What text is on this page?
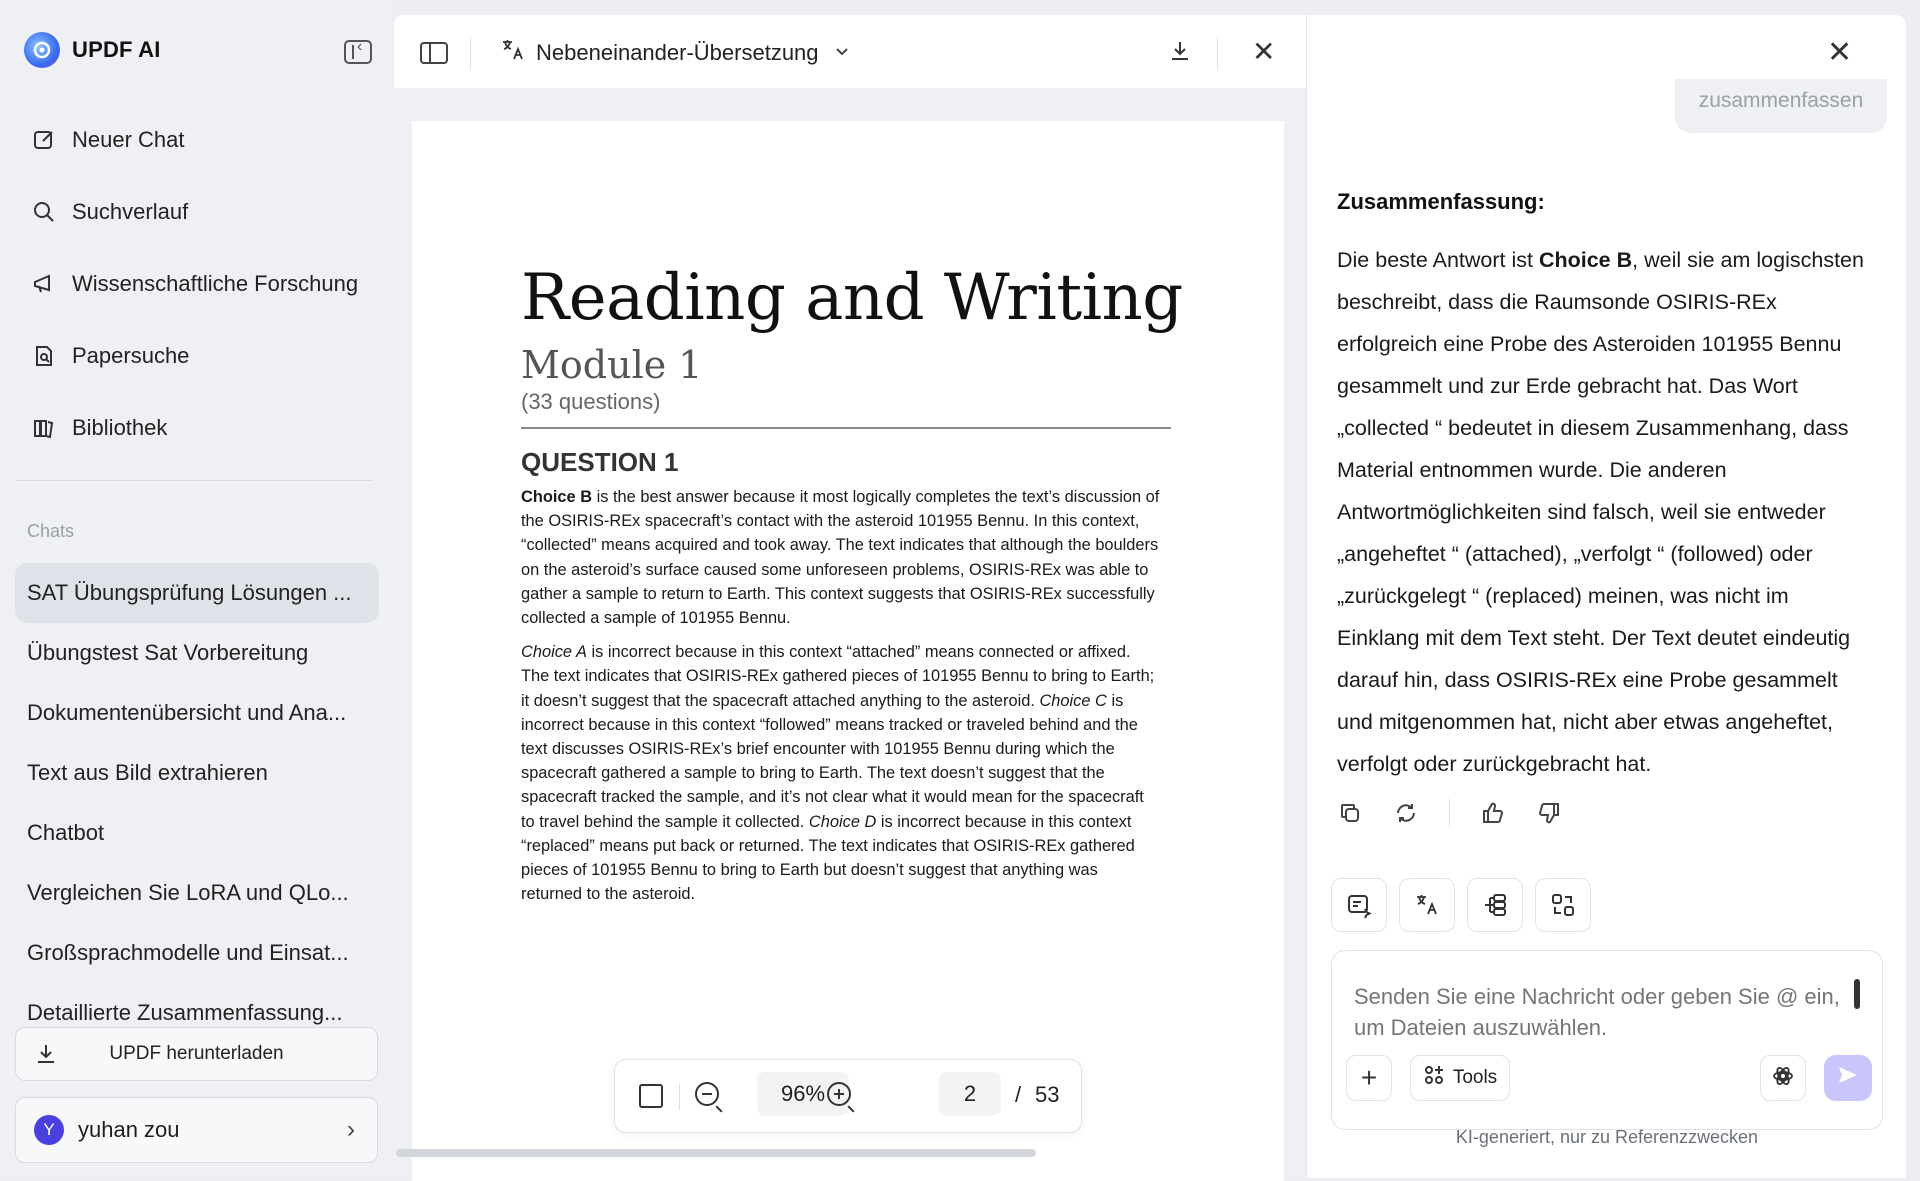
UPDF AI
‹
Neuer Chat
Suchverlauf
Wissenschaftliche Forschung
Papersuche
Bibliothek
Chats
SAT Übungsprüfung Lösungen ...
Übungstest Sat Vorbereitung
Dokumentenübersicht und Ana...
Text aus Bild extrahieren
Chatbot
Vergleichen Sie LoRA und QLo...
Großsprachmodelle und Einsat...
Detaillierte Zusammenfassung...
UPDF herunterladen
Y	yuhan zou	›
Nebeneinander-Übersetzung	✕
Reading and Writing
Module 1
(33 questions)
QUESTION 1

Choice B is the best answer because it most logically completes the text’s discussion of the OSIRIS-REx spacecraft’s contact with the asteroid 101955 Bennu. In this context, “collected” means acquired and took away. The text indicates that although the boulders on the asteroid’s surface caused some unforeseen problems, OSIRIS-REx was able to gather a sample to return to Earth. This context suggests that OSIRIS-REx successfully collected a sample of 101955 Bennu.

Choice A is incorrect because in this context “attached” means connected or affixed. The text indicates that OSIRIS-REx gathered pieces of 101955 Bennu to bring to Earth; it doesn’t suggest that the spacecraft attached anything to the asteroid. Choice C is incorrect because in this context “followed” means tracked or traveled behind and the text discusses OSIRIS-REx’s brief encounter with 101955 Bennu during which the spacecraft gathered a sample to bring to Earth. The text doesn’t suggest that the spacecraft tracked the sample, and it’s not clear what it would mean for the spacecraft to travel behind the sample it collected. Choice D is incorrect because in this context “replaced” means put back or returned. The text indicates that OSIRIS-REx gathered pieces of 101955 Bennu to bring to Earth but doesn’t suggest that anything was returned to the asteroid.

96%	2	/ 53
✕
zusammenfassen
Zusammenfassung:
Die beste Antwort ist Choice B, weil sie am logischsten beschreibt, dass die Raumsonde OSIRIS-REx erfolgreich eine Probe des Asteroiden 101955 Bennu gesammelt und zur Erde gebracht hat. Das Wort „collected “ bedeutet in diesem Zusammenhang, dass Material entnommen wurde. Die anderen Antwortmöglichkeiten sind falsch, weil sie entweder „angeheftet “ (attached), „verfolgt “ (followed) oder „zurückgelegt “ (replaced) meinen, was nicht im Einklang mit dem Text steht. Der Text deutet eindeutig darauf hin, dass OSIRIS-REx eine Probe gesammelt und mitgenommen hat, nicht aber etwas angeheftet, verfolgt oder zurückgebracht hat.
Senden Sie eine Nachricht oder geben Sie @ ein, um Dateien auszuwählen.
+	Tools
KI-generiert, nur zu Referenzzwecken
